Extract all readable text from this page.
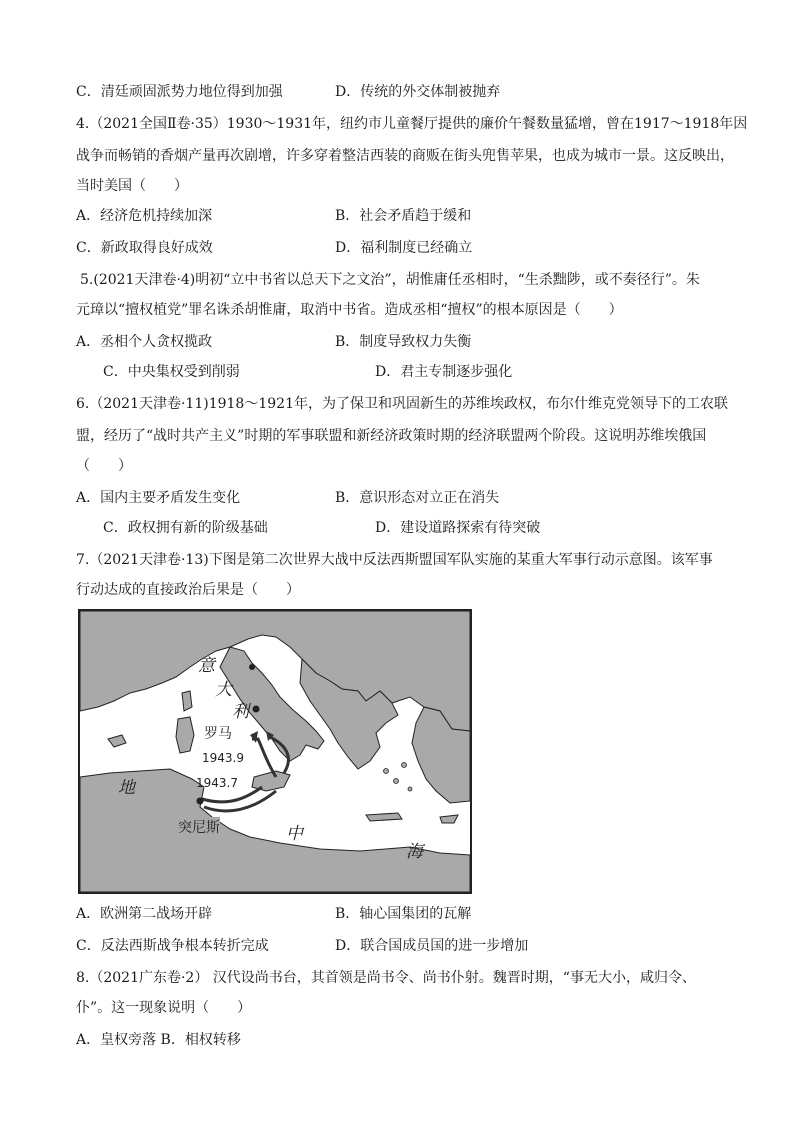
C．清廷顽固派势力地位得到加强	D．传统的外交体制被抛弃
4.（2021全国Ⅱ卷·35）1930～1931年，纽约市儿童餐厅提供的廉价午餐数量猛增，曾在1917～1918年因
战争而畅销的香烟产量再次剧增，许多穿着整洁西装的商贩在街头兜售苹果，也成为城市一景。这反映出，
当时美国（　　）
A．经济危机持续加深	B．社会矛盾趋于缓和
C．新政取得良好成效	D．福利制度已经确立
5.(2021天津卷·4)明初“立中书省以总天下之文治”，胡惟庸任丞相时，“生杀黜陟，或不奏径行”。朱
元璋以“擅权植党”罪名诛杀胡惟庸，取消中书省。造成丞相“擅权”的根本原因是（　　）
A．丞相个人贪权揽政	B．制度导致权力失衡
C．中央集权受到削弱	D．君主专制逐步强化
6.（2021天津卷·11)1918～1921年，为了保卫和巩固新生的苏维埃政权，布尔什维克党领导下的工农联
盟，经历了“战时共产主义”时期的军事联盟和新经济政策时期的经济联盟两个阶段。这说明苏维埃俄国
（　　）
A．国内主要矛盾发生变化	B．意识形态对立正在消失
C．政权拥有新的阶级基础	D．建设道路探索有待突破
7.（2021天津卷·13)下图是第二次世界大战中反法西斯盟国军队实施的某重大军事行动示意图。该军事
行动达成的直接政治后果是（　　）
意
大
利
罗马
1943.9
1943.7
地
突尼斯	中
海
A．欧洲第二战场开辟	B．轴心国集团的瓦解
C．反法西斯战争根本转折完成	D．联合国成员国的进一步增加
8.（2021广东卷·2） 汉代设尚书台，其首领是尚书令、尚书仆射。魏晋时期，“事无大小，咸归令、
仆”。这一现象说明（　　）
A．皇权旁落 B．相权转移
